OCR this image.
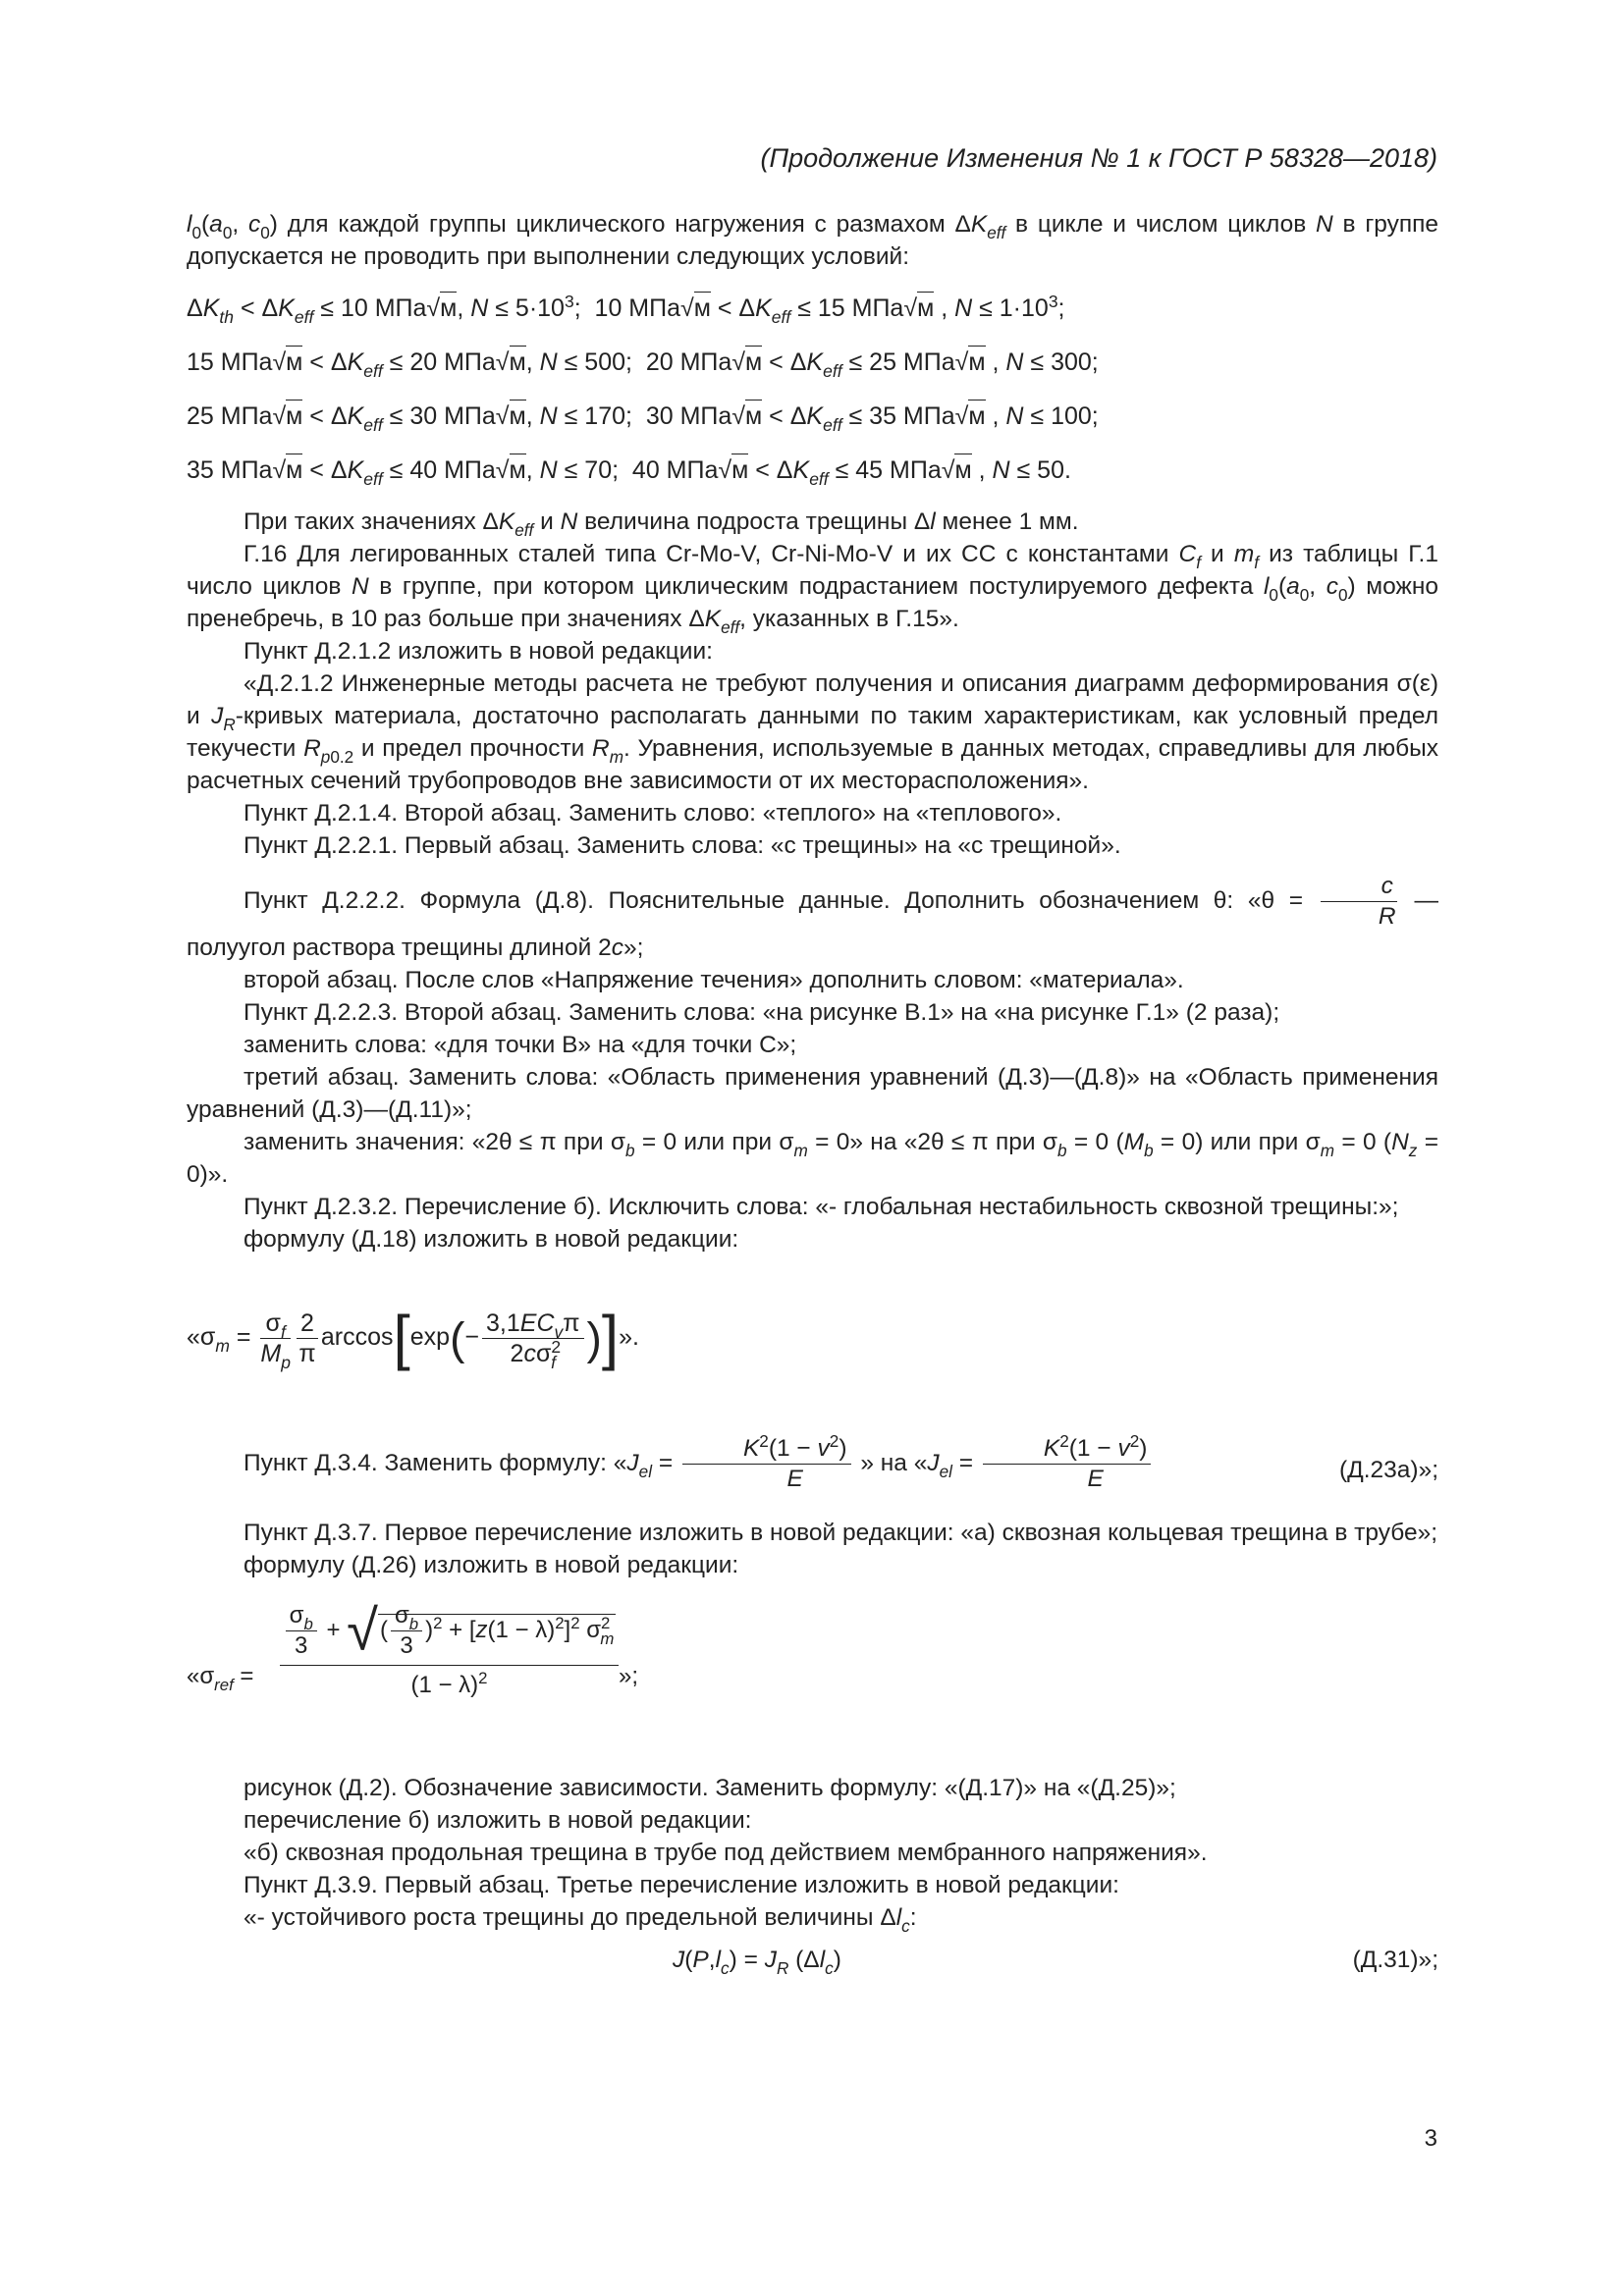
(Продолжение Изменения № 1 к ГОСТ Р 58328—2018)

$l_0(a_0$, $c_0$) для каждой группы циклического нагружения с размахом $\Delta K_{eff}$ в цикле и числом циклов N в группе допускается не проводить при выполнении следующих условий:

$\Delta K_{th} < \Delta K_{eff} \le 10$ МПа√м, $N \le 5\cdot 10^3$;  10 $МПа√м < \Delta K_{eff} \le 15$ МПа√м , $N \le 1\cdot 10^3$;
15 $МПа√м < \Delta K_{eff} \le 20$ МПа√м, N ≤ 500;  20 $МПа√м < \Delta K_{eff} \le 25$ МПа√м , N ≤ 300;
25 $МПа√м < \Delta K_{eff} \le 30$ МПа√м, N ≤ 170;  30 $МПа√м < \Delta K_{eff} \le 35$ МПа√м , N ≤ 100;
35 $МПа√м < \Delta K_{eff} \le 40$ МПа√м, N ≤ 70;  40 $МПа√м < \Delta K_{eff} \le 45$ МПа√м , N ≤ 50.

При таких значениях $\Delta K_{eff}$ и N величина подроста трещины Δl менее 1 мм.

Г.16 Для легированных сталей типа Cr-Mo-V, Cr-Ni-Mo-V и их СС с константами $C_f$ и $m_f$ из таблицы Г.1 число циклов N в группе, при котором циклическим подрастанием постулируемого дефекта $l_0(a_0$, $c_0$) можно пренебречь, в 10 раз больше при значениях $\Delta K_{eff}$, указанных в Г.15».

Пункт Д.2.1.2 изложить в новой редакции:

«Д.2.1.2 Инженерные методы расчета не требуют получения и описания диаграмм деформирования σ(ε) и $J_R$-кривых материала, достаточно располагать данными по таким характеристикам, как условный предел текучести $R_{p0.2}$ и предел прочности $R_m$. Уравнения, используемые в данных методах, справедливы для любых расчетных сечений трубопроводов вне зависимости от их месторасположения».

Пункт Д.2.1.4. Второй абзац. Заменить слово: «теплого» на «теплового».

Пункт Д.2.2.1. Первый абзац. Заменить слова: «с трещины» на «с трещиной».

Пункт Д.2.2.2. Формула (Д.8). Пояснительные данные. Дополнить обозначением θ: «$\theta = \frac{c}{R}$ — полуугол раствора трещины длиной 2c»;

второй абзац. После слов «Напряжение течения» дополнить словом: «материала».

Пункт Д.2.2.3. Второй абзац. Заменить слова: «на рисунке В.1» на «на рисунке Г.1» (2 раза);

заменить слова: «для точки В» на «для точки С»;

третий абзац. Заменить слова: «Область применения уравнений (Д.3)—(Д.8)» на «Область применения уравнений (Д.3)—(Д.11)»;

заменить значения: «2θ ≤ π при $\sigma_b = 0$ или при $\sigma_m = 0$» на «2θ ≤ π при $\sigma_b = 0$ $(M_b = 0)$ или при $\sigma_m = 0$ $(N_z = 0)$».

Пункт Д.2.3.2. Перечисление б). Исключить слова: «- глобальная нестабильность сквозной трещины:»;

формулу (Д.18) изложить в новой редакции:

«$\sigma_m = \frac{\sigma_f}{M_p} \frac{2}{\pi} \arccos[\exp(- \frac{3,1EC_v\pi}{2c\sigma^2_f}$ )]».
Пункт Д.3.4. Заменить формулу: «$J_{el} = \frac{K^2(1 - v^2)}{E}$ » на «$J_{el} = \frac{K^2(1 - v^2)}{E}$	(Д.23а)»;

Пункт Д.3.7. Первое перечисление изложить в новой редакции: «а) сквозная кольцевая трещина в трубе»;

формулу (Д.26) изложить в новой редакции:

«$\sigma_{ref}$ =
$\frac{\sigma_b}{3}$ + √( $\frac{\sigma_b}{3} )^2 + [z(1 - \lambda)^2]^2$ $\sigma^2_m$
$(1 - \lambda)^2$	»;

рисунок (Д.2). Обозначение зависимости. Заменить формулу: «(Д.17)» на «(Д.25)»;

перечисление б) изложить в новой редакции:

«б) сквозная продольная трещина в трубе под действием мембранного напряжения».

Пункт Д.3.9. Первый абзац. Третье перечисление изложить в новой редакции:

«- устойчивого роста трещины до предельной величины $\Delta l_c$:

$J(P,l_c) = J_R$ $(\Delta l_c)$	(Д.31)»;
3
